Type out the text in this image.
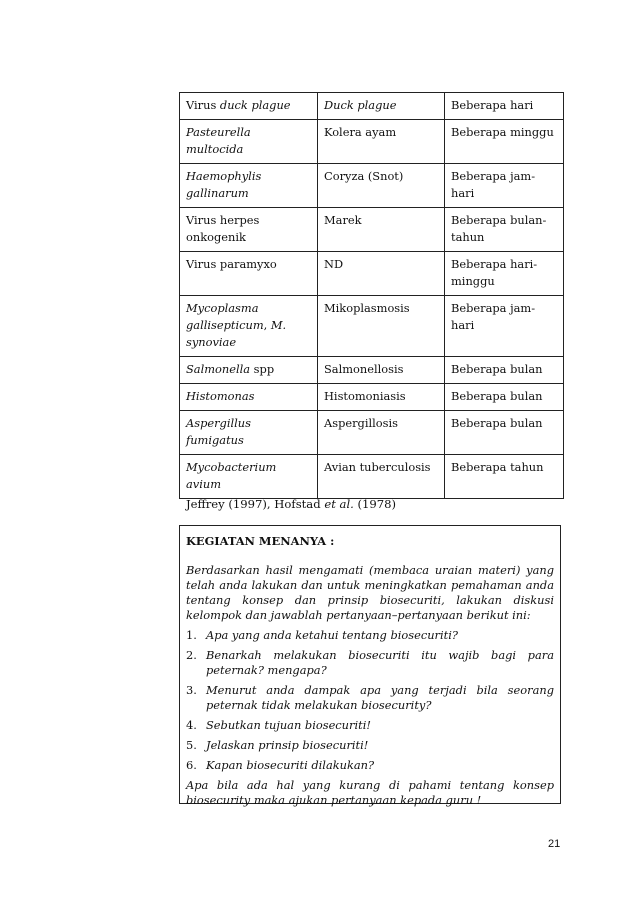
Virus duck plague	Duck plague	Beberapa hari
Pasteurella multocida	Kolera ayam	Beberapa minggu
Haemophylis gallinarum	Coryza (Snot)	Beberapa jam-hari
Virus herpes onkogenik	Marek	Beberapa bulan-tahun
Virus paramyxo	ND	Beberapa hari-minggu
Mycoplasma gallisepticum, M. synoviae	Mikoplasmosis	Beberapa jam-hari
Salmonella spp	Salmonellosis	Beberapa bulan
Histomonas	Histomoniasis	Beberapa bulan
Aspergillus fumigatus	Aspergillosis	Beberapa bulan
Mycobacterium avium	Avian tuberculosis	Beberapa tahun
Jeffrey (1997), Hofstad et al. (1978)
KEGIATAN MENANYA :
Berdasarkan hasil mengamati (membaca uraian materi) yang telah anda lakukan dan untuk meningkatkan pemahaman anda tentang konsep dan prinsip biosecuriti, lakukan diskusi kelompok dan jawablah pertanyaan–pertanyaan berikut ini:
1. Apa yang anda ketahui tentang biosecuriti?
2. Benarkah melakukan biosecuriti itu wajib bagi para peternak? mengapa?
3. Menurut anda dampak apa yang terjadi bila seorang peternak tidak melakukan biosecurity?
4. Sebutkan tujuan biosecuriti!
5. Jelaskan prinsip biosecuriti!
6. Kapan biosecuriti dilakukan?
Apa bila ada hal yang kurang di pahami tentang konsep biosecurity maka ajukan pertanyaan kepada guru !
21
